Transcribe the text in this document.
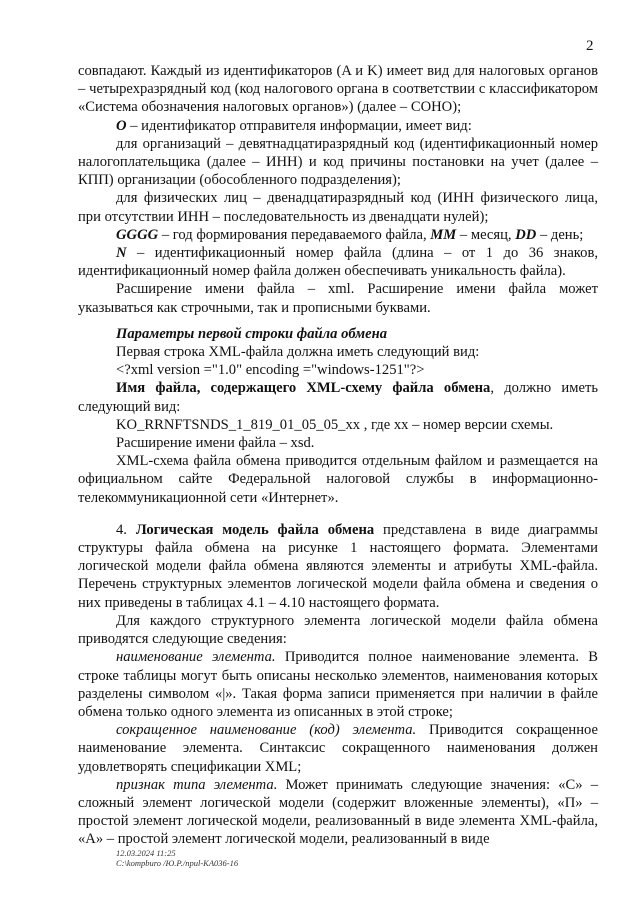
2

совпадают. Каждый из идентификаторов (A и K) имеет вид для налоговых органов – четырехразрядный код (код налогового органа в соответствии с классификатором «Система обозначения налоговых органов») (далее – СОНО);

O – идентификатор отправителя информации, имеет вид:

для организаций – девятнадцатиразрядный код (идентификационный номер налогоплательщика (далее – ИНН) и код причины постановки на учет (далее – КПП) организации (обособленного подразделения);

для физических лиц – двенадцатиразрядный код (ИНН физического лица, при отсутствии ИНН – последовательность из двенадцати нулей);

GGGG – год формирования передаваемого файла, MM – месяц, DD – день;

N – идентификационный номер файла (длина – от 1 до 36 знаков, идентификационный номер файла должен обеспечивать уникальность файла).

Расширение имени файла – xml. Расширение имени файла может указываться как строчными, так и прописными буквами.

Параметры первой строки файла обмена

Первая строка XML-файла должна иметь следующий вид:

<?xml version ="1.0" encoding ="windows-1251"?>

Имя файла, содержащего XML-схему файла обмена, должно иметь следующий вид:

KO_RRNFTSNDS_1_819_01_05_05_xx , где xx – номер версии схемы.

Расширение имени файла – xsd.

XML-схема файла обмена приводится отдельным файлом и размещается на официальном сайте Федеральной налоговой службы в информационно-телекоммуникационной сети «Интернет».

4. Логическая модель файла обмена представлена в виде диаграммы структуры файла обмена на рисунке 1 настоящего формата. Элементами логической модели файла обмена являются элементы и атрибуты XML-файла. Перечень структурных элементов логической модели файла обмена и сведения о них приведены в таблицах 4.1 – 4.10 настоящего формата.

Для каждого структурного элемента логической модели файла обмена приводятся следующие сведения:

наименование элемента. Приводится полное наименование элемента. В строке таблицы могут быть описаны несколько элементов, наименования которых разделены символом «|». Такая форма записи применяется при наличии в файле обмена только одного элемента из описанных в этой строке;

сокращенное наименование (код) элемента. Приводится сокращенное наименование элемента. Синтаксис сокращенного наименования должен удовлетворять спецификации XML;

признак типа элемента. Может принимать следующие значения: «С» – сложный элемент логической модели (содержит вложенные элементы), «П» – простой элемент логической модели, реализованный в виде элемента XML-файла, «А» – простой элемент логической модели, реализованный в виде

12.03.2024 11:25
C:\kompburo /Ю.Р./приl-КА036-16
